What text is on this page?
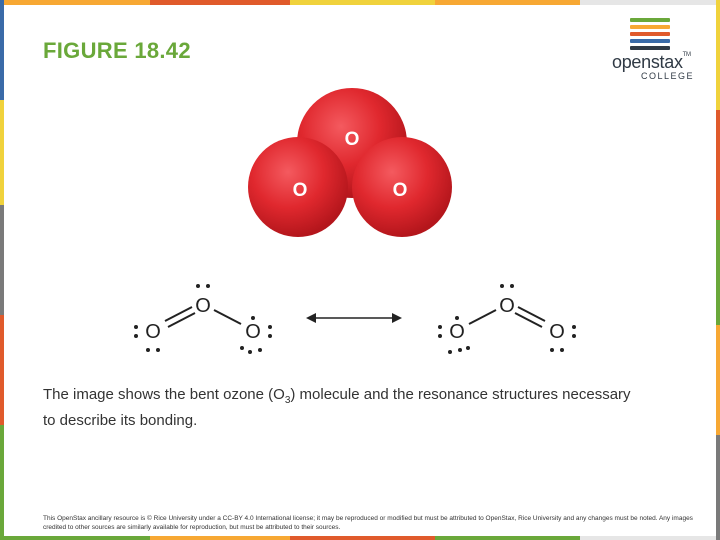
FIGURE 18.42	openstax™
COLLEGE
O
O	O
O
O	O
O
O	O
The image shows the bent ozone $(O_3)$ molecule and the resonance structures necessary to describe its bonding.
This OpenStax ancillary resource is © Rice University under a CC-BY 4.0 International license; it may be reproduced or modified but must be attributed to OpenStax, Rice University and any changes must be noted. Any images credited to other sources are similarly available for reproduction, but must be attributed to their sources.
